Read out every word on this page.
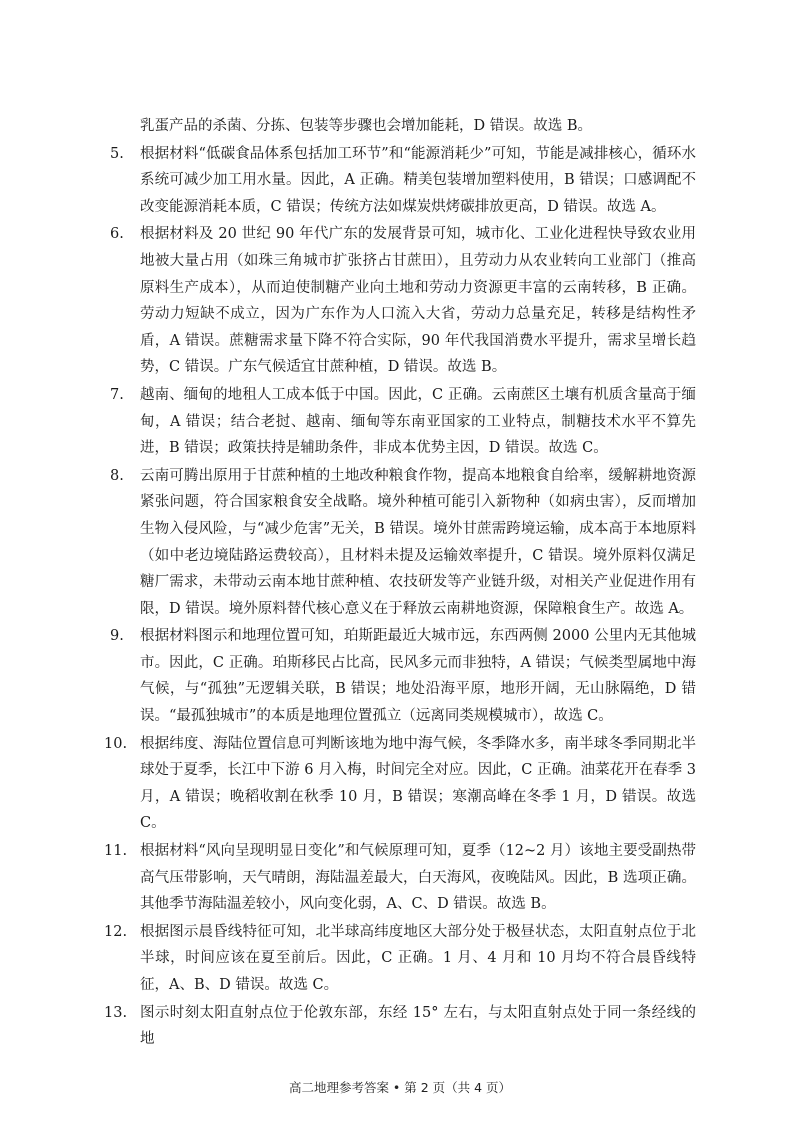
乳蛋产品的杀菌、分拣、包装等步骤也会增加能耗，D 错误。故选 B。

5.	根据材料“低碳食品体系包括加工环节”和“能源消耗少”可知，节能是减排核心，循环水系统可减少加工用水量。因此，A 正确。精美包装增加塑料使用，B 错误；口感调配不改变能源消耗本质，C 错误；传统方法如煤炭烘烤碳排放更高，D 错误。故选 A。
6.	根据材料及 20 世纪 90 年代广东的发展背景可知，城市化、工业化进程快导致农业用地被大量占用（如珠三角城市扩张挤占甘蔗田），且劳动力从农业转向工业部门（推高原料生产成本），从而迫使制糖产业向土地和劳动力资源更丰富的云南转移，B 正确。劳动力短缺不成立，因为广东作为人口流入大省，劳动力总量充足，转移是结构性矛盾，A 错误。蔗糖需求量下降不符合实际，90 年代我国消费水平提升，需求呈增长趋势，C 错误。广东气候适宜甘蔗种植，D 错误。故选 B。
7.	越南、缅甸的地租人工成本低于中国。因此，C 正确。云南蔗区土壤有机质含量高于缅甸，A 错误；结合老挝、越南、缅甸等东南亚国家的工业特点，制糖技术水平不算先进，B 错误；政策扶持是辅助条件，非成本优势主因，D 错误。故选 C。
8.	云南可腾出原用于甘蔗种植的土地改种粮食作物，提高本地粮食自给率，缓解耕地资源紧张问题，符合国家粮食安全战略。境外种植可能引入新物种（如病虫害），反而增加生物入侵风险，与“减少危害”无关，B 错误。境外甘蔗需跨境运输，成本高于本地原料（如中老边境陆路运费较高），且材料未提及运输效率提升，C 错误。境外原料仅满足糖厂需求，未带动云南本地甘蔗种植、农技研发等产业链升级，对相关产业促进作用有限，D 错误。境外原料替代核心意义在于释放云南耕地资源，保障粮食生产。故选 A。
9.	根据材料图示和地理位置可知，珀斯距最近大城市远，东西两侧 2000 公里内无其他城市。因此，C 正确。珀斯移民占比高，民风多元而非独特，A 错误；气候类型属地中海气候，与“孤独”无逻辑关联，B 错误；地处沿海平原，地形开阔，无山脉隔绝，D 错误。“最孤独城市”的本质是地理位置孤立（远离同类规模城市），故选 C。
10. 根据纬度、海陆位置信息可判断该地为地中海气候，冬季降水多，南半球冬季同期北半球处于夏季，长江中下游 6 月入梅，时间完全对应。因此，C 正确。油菜花开在春季 3 月，A 错误；晚稻收割在秋季 10 月，B 错误；寒潮高峰在冬季 1 月，D 错误。故选 C。
11. 根据材料“风向呈现明显日变化”和气候原理可知，夏季（12~2 月）该地主要受副热带高气压带影响，天气晴朗，海陆温差最大，白天海风，夜晚陆风。因此，B 选项正确。其他季节海陆温差较小，风向变化弱，A、C、D 错误。故选 B。
12. 根据图示晨昏线特征可知，北半球高纬度地区大部分处于极昼状态，太阳直射点位于北半球，时间应该在夏至前后。因此，C 正确。1 月、4 月和 10 月均不符合晨昏线特征，A、B、D 错误。故选 C。
13. 图示时刻太阳直射点位于伦敦东部，东经 15° 左右，与太阳直射点处于同一条经线的地
高二地理参考答案 • 第 2 页（共 4 页）
